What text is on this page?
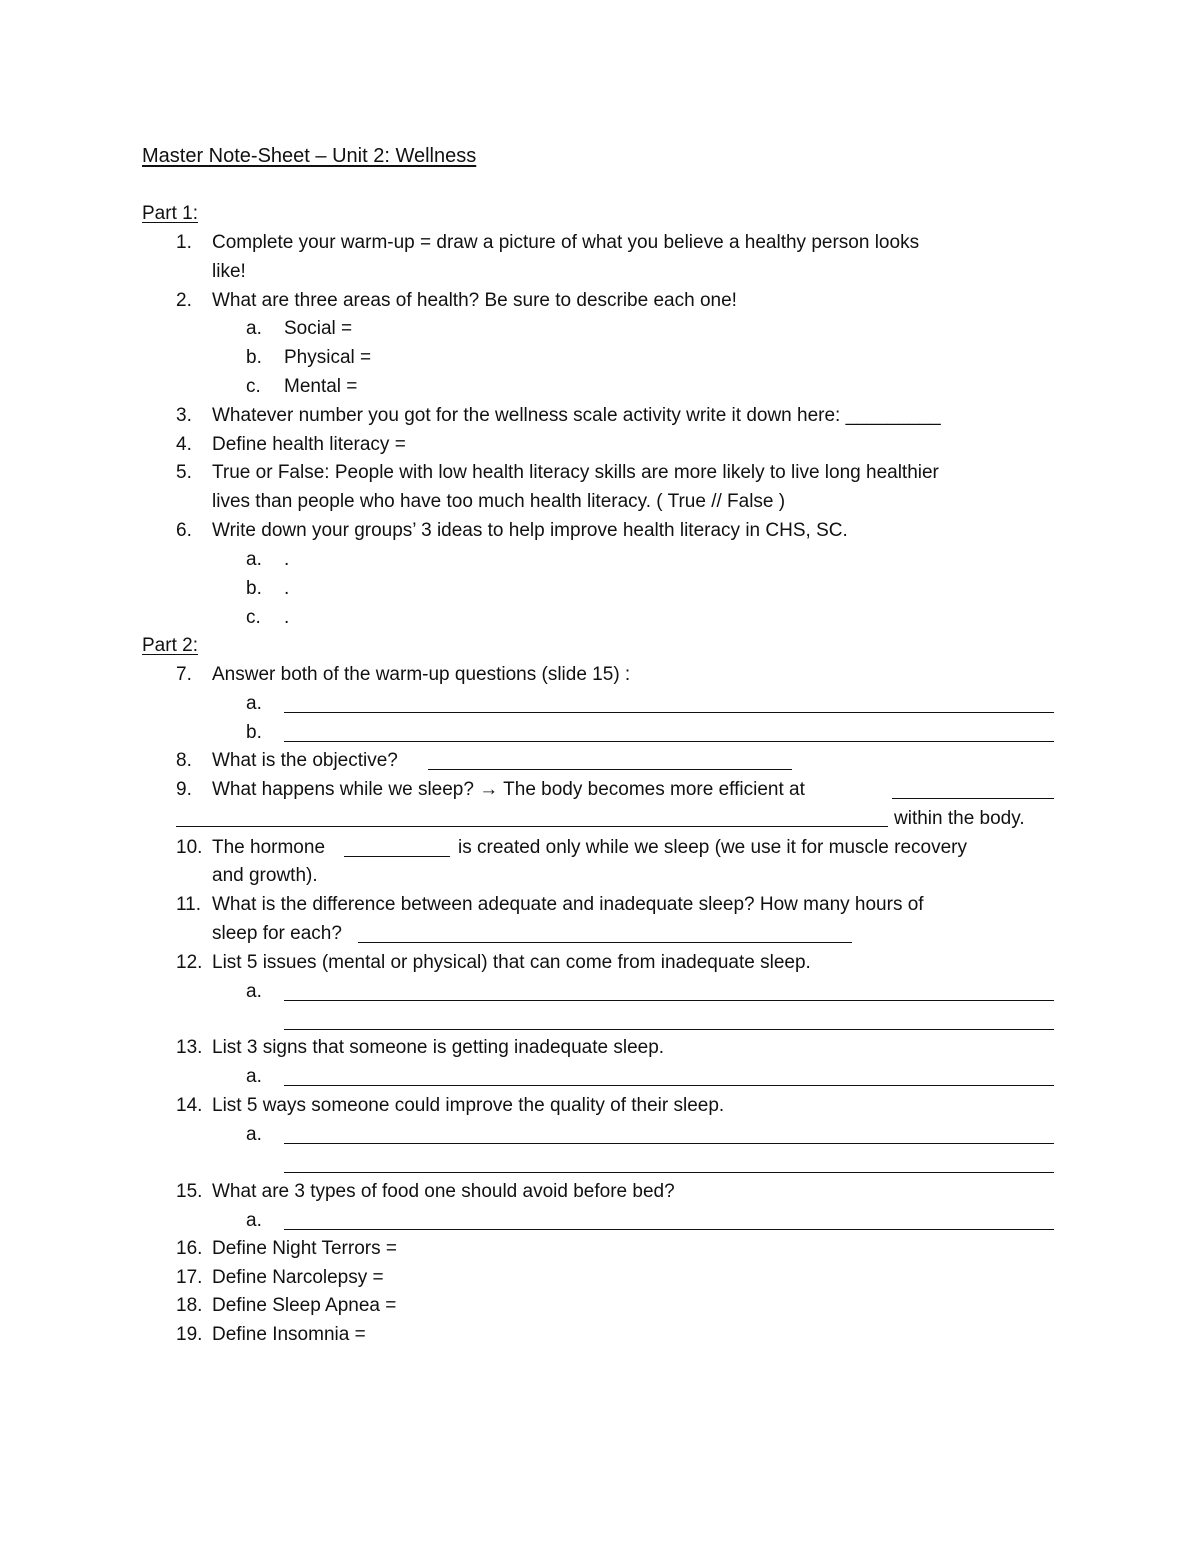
Master Note-Sheet – Unit 2: Wellness
Part 1:
1. Complete your warm-up = draw a picture of what you believe a healthy person looks
like!
2. What are three areas of health? Be sure to describe each one!
a. Social =
b. Physical =
c. Mental =
3. Whatever number you got for the wellness scale activity write it down here: _________
4. Define health literacy =
5. True or False: People with low health literacy skills are more likely to live long healthier
lives than people who have too much health literacy. ( True // False )
6. Write down your groups’ 3 ideas to help improve health literacy in CHS, SC.
a. .
b. .
c. .
Part 2:
7. Answer both of the warm-up questions (slide 15) :
a.
b.
8. What is the objective?
9. What happens while we sleep? → The body becomes more efficient at
within the body.
10. The hormone	is created only while we sleep (we use it for muscle recovery
and growth).
11. What is the difference between adequate and inadequate sleep? How many hours of
sleep for each?
12. List 5 issues (mental or physical) that can come from inadequate sleep.
a.
13. List 3 signs that someone is getting inadequate sleep.
a.
14. List 5 ways someone could improve the quality of their sleep.
a.
15. What are 3 types of food one should avoid before bed?
a.
16. Define Night Terrors =
17. Define Narcolepsy =
18. Define Sleep Apnea =
19. Define Insomnia =
